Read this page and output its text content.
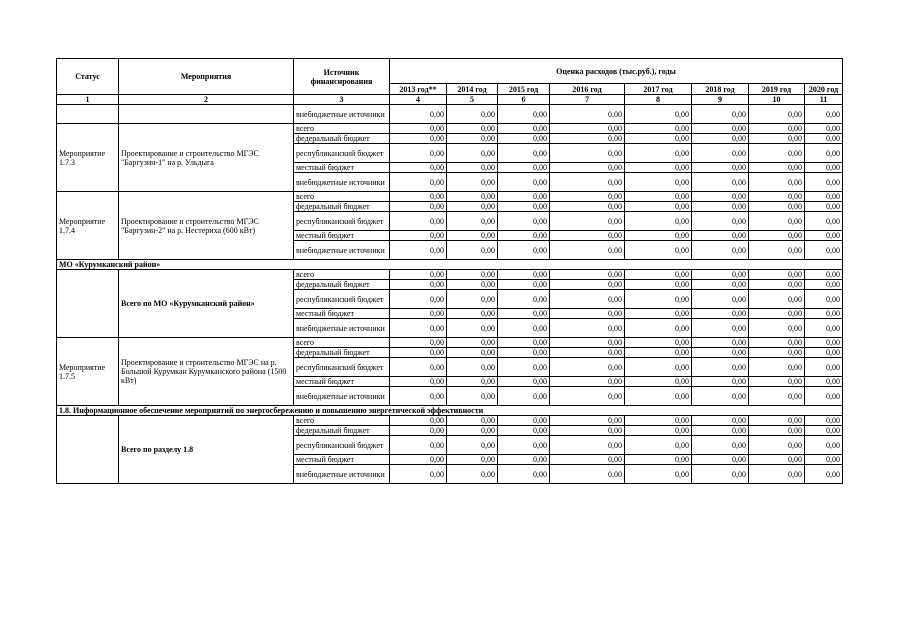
Статус	Мероприятия	Источник финансирования	Оценка расходов (тыс.руб.), годы							
			2013 год**	2014 год	2015 год	2016 год	2017 год	2018 год	2019 год	2020 год
1	2	3	4	5	6	7	8	9	10	11
		внебюджетные источники	0,00	0,00	0,00	0,00	0,00	0,00	0,00	0,00
Мероприятие 1.7.3	Проектирование и строительство МГЭС "Баргузин-1" на р. Ульдыга	всего	0,00	0,00	0,00	0,00	0,00	0,00	0,00	0,00
		федеральный бюджет	0,00	0,00	0,00	0,00	0,00	0,00	0,00	0,00
		республиканский бюджет	0,00	0,00	0,00	0,00	0,00	0,00	0,00	0,00
		местный бюджет	0,00	0,00	0,00	0,00	0,00	0,00	0,00	0,00
		внебюджетные источники	0,00	0,00	0,00	0,00	0,00	0,00	0,00	0,00
Мероприятие 1.7.4	Проектирование и строительство МГЭС "Баргузин-2" на р. Нестериха (600 кВт)	всего	0,00	0,00	0,00	0,00	0,00	0,00	0,00	0,00
		федеральный бюджет	0,00	0,00	0,00	0,00	0,00	0,00	0,00	0,00
		республиканский бюджет	0,00	0,00	0,00	0,00	0,00	0,00	0,00	0,00
		местный бюджет	0,00	0,00	0,00	0,00	0,00	0,00	0,00	0,00
		внебюджетные источники	0,00	0,00	0,00	0,00	0,00	0,00	0,00	0,00
МО «Курумканский район»										
	Всего по МО «Курумканский район»	всего	0,00	0,00	0,00	0,00	0,00	0,00	0,00	0,00
		федеральный бюджет	0,00	0,00	0,00	0,00	0,00	0,00	0,00	0,00
		республиканский бюджет	0,00	0,00	0,00	0,00	0,00	0,00	0,00	0,00
		местный бюджет	0,00	0,00	0,00	0,00	0,00	0,00	0,00	0,00
		внебюджетные источники	0,00	0,00	0,00	0,00	0,00	0,00	0,00	0,00
Мероприятие 1.7.5	Проектирование и строительство МГЭС на р. Большой Курумкан Курумканского района (1500 кВт)	всего	0,00	0,00	0,00	0,00	0,00	0,00	0,00	0,00
		федеральный бюджет	0,00	0,00	0,00	0,00	0,00	0,00	0,00	0,00
		республиканский бюджет	0,00	0,00	0,00	0,00	0,00	0,00	0,00	0,00
		местный бюджет	0,00	0,00	0,00	0,00	0,00	0,00	0,00	0,00
		внебюджетные источники	0,00	0,00	0,00	0,00	0,00	0,00	0,00	0,00
1.8. Информационное обеспечение мероприятий по энергосбережению и повышению энергетической эффективности										
	Всего по разделу 1.8	всего	0,00	0,00	0,00	0,00	0,00	0,00	0,00	0,00
		федеральный бюджет	0,00	0,00	0,00	0,00	0,00	0,00	0,00	0,00
		республиканский бюджет	0,00	0,00	0,00	0,00	0,00	0,00	0,00	0,00
		местный бюджет	0,00	0,00	0,00	0,00	0,00	0,00	0,00	0,00
		внебюджетные источники	0,00	0,00	0,00	0,00	0,00	0,00	0,00	0,00
